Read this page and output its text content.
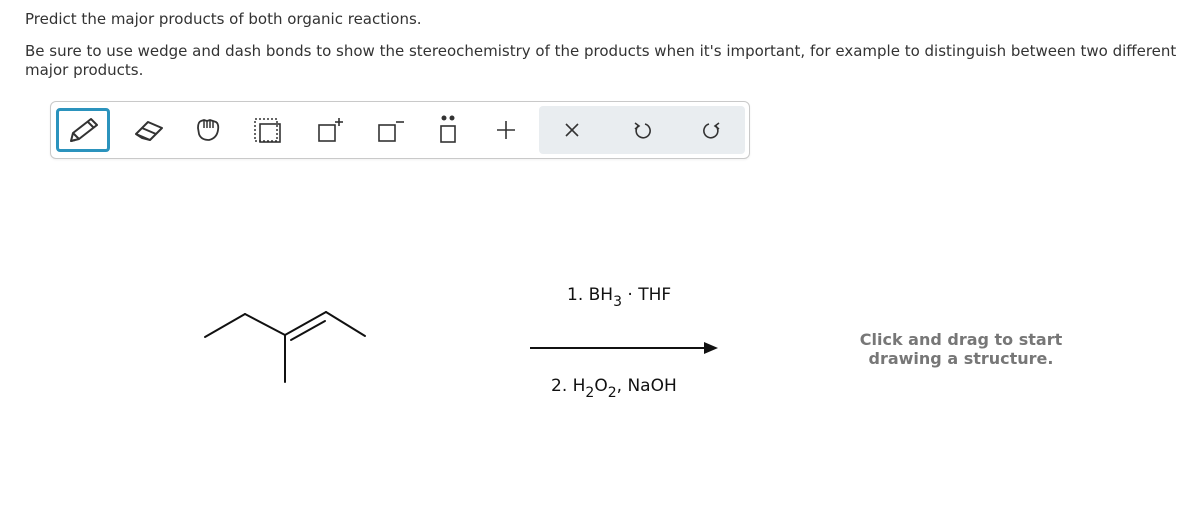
Predict the major products of both organic reactions.

Be sure to use wedge and dash bonds to show the stereochemistry of the products when it's important, for example to distinguish between two different major products.

1. $BH_3$ · THF
2. $H_2O_2$, NaOH
Click and drag to start drawing a structure.
